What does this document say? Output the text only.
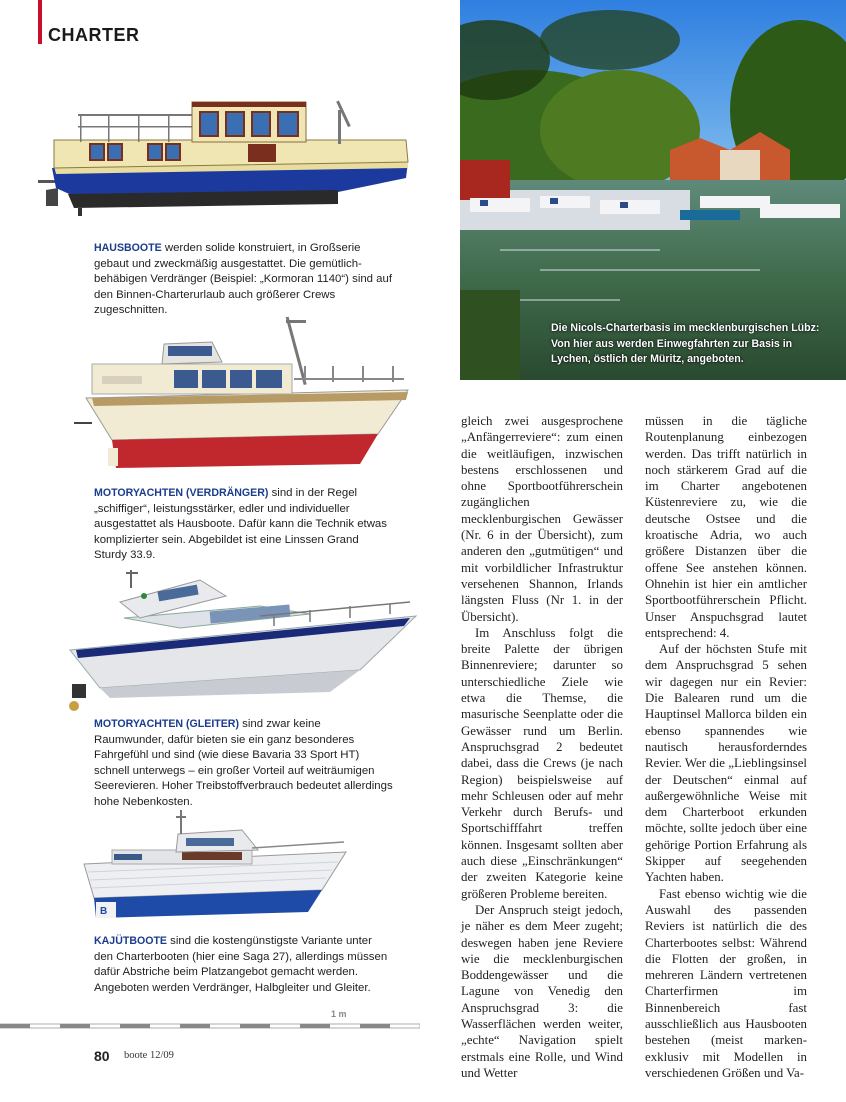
CHARTER
HAUSBOOTE werden solide konstruiert, in Großserie gebaut und zweckmäßig ausgestattet. Die gemütlich-behäbigen Verdränger (Beispiel: „Kormoran 1140“) sind auf den Binnen-Charterurlaub auch größerer Crews zugeschnitten.
MOTORYACHTEN (VERDRÄNGER) sind in der Regel „schiffiger“, leistungsstärker, edler und individueller ausgestattet als Hausboote. Dafür kann die Technik etwas komplizierter sein. Abgebildet ist eine Linssen Grand Sturdy 33.9.
MOTORYACHTEN (GLEITER) sind zwar keine Raumwunder, dafür bieten sie ein ganz besonderes Fahrgefühl und sind (wie diese Bavaria 33 Sport HT) schnell unterwegs – ein großer Vorteil auf weiträumigen Seerevieren. Hoher Treibstoffverbrauch bedeutet allerdings hohe Nebenkosten.
B
KAJÜTBOOTE sind die kostengünstigste Variante unter den Charterbooten (hier eine Saga 27), allerdings müssen dafür Abstriche beim Platzangebot gemacht werden. Angeboten werden Verdränger, Halbgleiter und Gleiter.
1 m
Die Nicols-Charterbasis im mecklenburgischen Lübz: Von hier aus werden Einwegfahrten zur Basis in Lychen, östlich der Müritz, angeboten.

gleich zwei ausgesprochene „Anfängerreviere“: zum einen die weitläufigen, inzwischen bestens erschlossenen und ohne Sportbootführerschein zugänglichen mecklenburgischen Gewässer (Nr. 6 in der Übersicht), zum anderen den „gutmütigen“ und mit vorbildlicher Infrastruktur versehenen Shannon, Irlands längsten Fluss (Nr 1. in der Übersicht).

Im Anschluss folgt die breite Palette der übrigen Binnenreviere; darunter so unterschiedliche Ziele wie etwa die Themse, die masurische Seenplatte oder die Gewässer rund um Berlin. Anspruchsgrad 2 bedeutet dabei, dass die Crews (je nach Region) beispielsweise auf mehr Schleusen oder auf mehr Verkehr durch Berufs- und Sportschifffahrt treffen können. Insgesamt sollten aber auch diese „Einschränkungen“ der zweiten Kategorie keine größeren Probleme bereiten.

Der Anspruch steigt jedoch, je näher es dem Meer zugeht; deswegen haben jene Reviere wie die mecklenburgischen Boddengewässer und die Lagune von Venedig den Anspruchsgrad 3: die Wasserflächen werden weiter, „echte“ Navigation spielt erstmals eine Rolle, und Wind und Wetter

müssen in die tägliche Routenplanung einbezogen werden. Das trifft natürlich in noch stärkerem Grad auf die im Charter angebotenen Küstenreviere zu, wie die deutsche Ostsee und die kroatische Adria, wo auch größere Distanzen über die offene See anstehen können. Ohnehin ist hier ein amtlicher Sportbootführerschein Pflicht. Unser Anspuchsgrad lautet entsprechend: 4.

Auf der höchsten Stufe mit dem Anspruchsgrad 5 sehen wir dagegen nur ein Revier: Die Balearen rund um die Hauptinsel Mallorca bilden ein ebenso spannendes wie nautisch herausforderndes Revier. Wer die „Lieblingsinsel der Deutschen“ einmal auf außergewöhnliche Weise mit dem Charterboot erkunden möchte, sollte jedoch über eine gehörige Portion Erfahrung als Skipper auf seegehenden Yachten haben.

Fast ebenso wichtig wie die Auswahl des passenden Reviers ist natürlich die des Charterbootes selbst: Während die Flotten der großen, in mehreren Ländern vertretenen Charterfirmen im Binnenbereich fast ausschließlich aus Hausbooten bestehen (meist marken-exklusiv mit Modellen in verschiedenen Größen und Va-

80 boote 12/09
